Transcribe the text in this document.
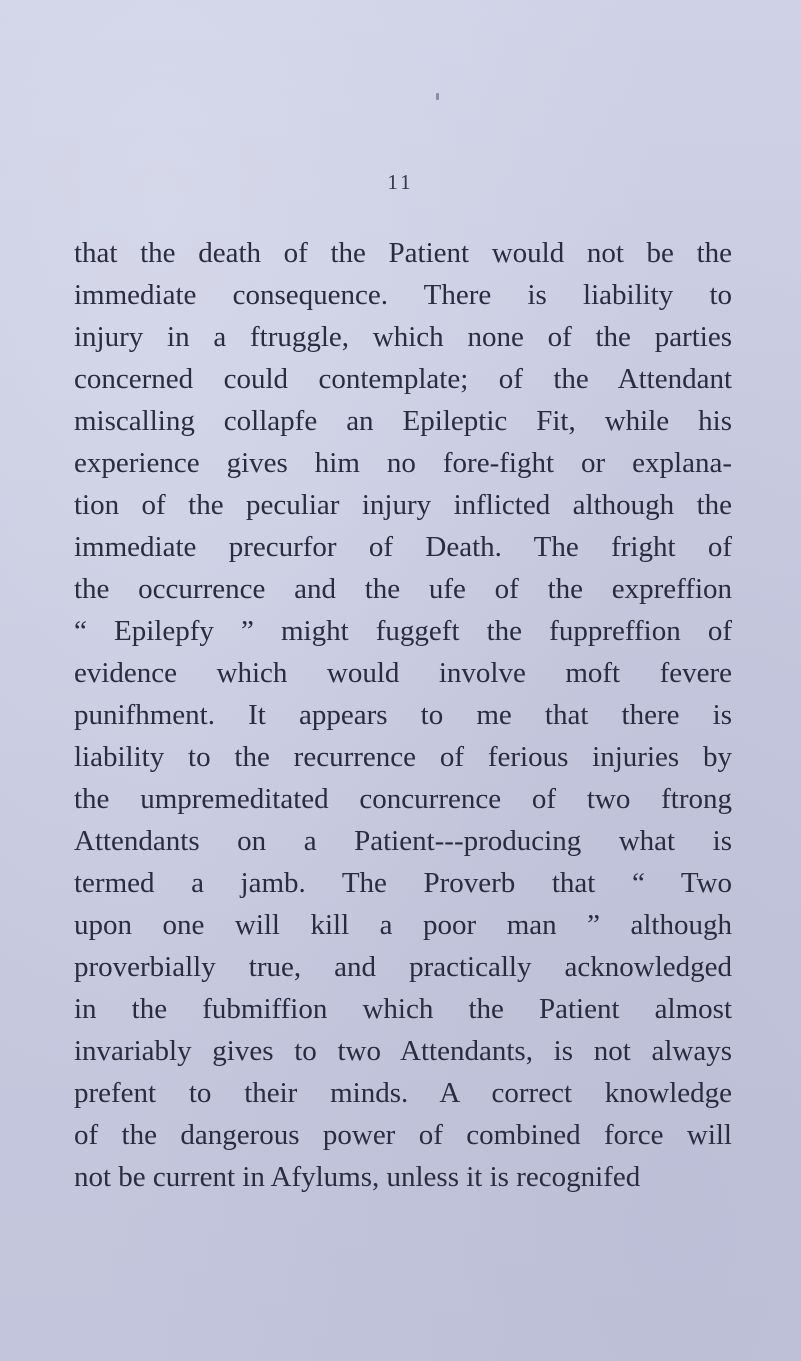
11
that the death of the Patient would not be the
immediate consequence. There is liability to
injury in a ftruggle, which none of the parties
concerned could contemplate; of the Attendant
miscalling collapfe an Epileptic Fit, while his
experience gives him no fore-fight or explana-
tion of the peculiar injury inflicted although the
immediate precurfor of Death. The fright of
the occurrence and the ufe of the expreffion
“ Epilepfy ” might fuggeft the fuppreffion of
evidence which would involve moft fevere
punifhment. It appears to me that there is
liability to the recurrence of ferious injuries by
the umpremeditated concurrence of two ftrong
Attendants on a Patient---producing what is
termed a jamb. The Proverb that “ Two
upon one will kill a poor man ” although
proverbially true, and practically acknowledged
in the fubmiffion which the Patient almost
invariably gives to two Attendants, is not always
prefent to their minds. A correct knowledge
of the dangerous power of combined force will
not be current in Afylums, unless it is recognifed
